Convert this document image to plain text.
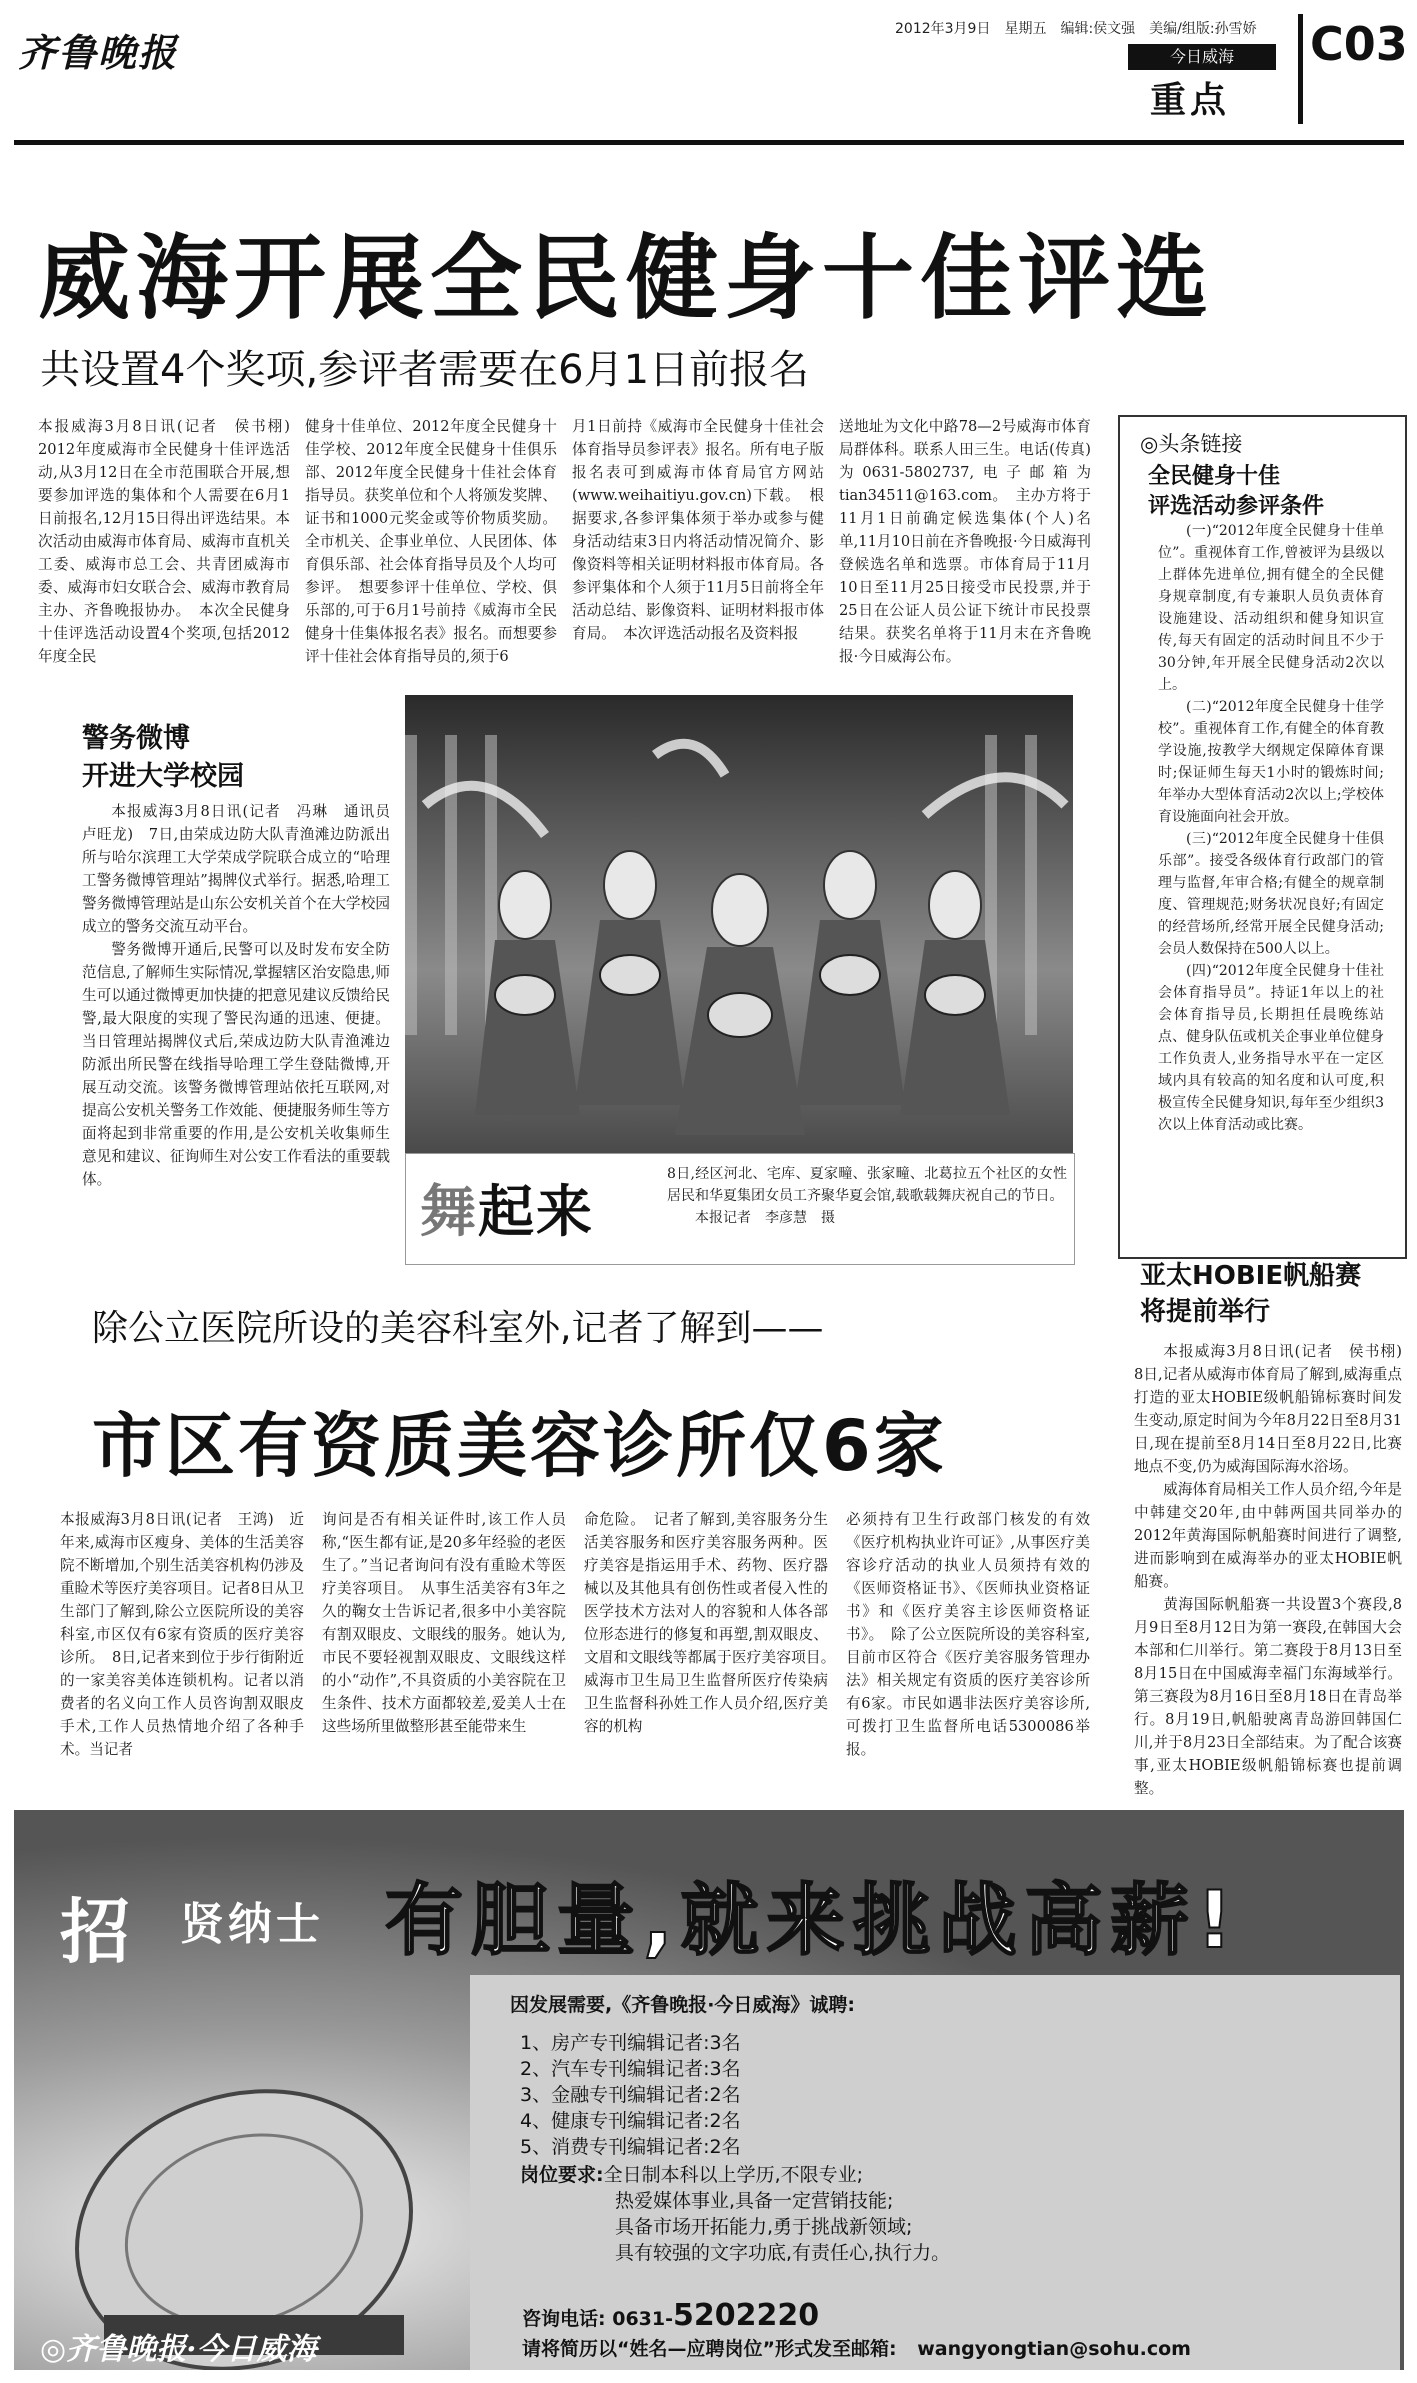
齐鲁晚报
2012年3月9日　星期五　编辑:侯文强　美编/组版:孙雪娇
今日威海
重点
C03
威海开展全民健身十佳评选
共设置4个奖项,参评者需要在6月1日前报名

本报威海3月8日讯(记者　侯书栩)　2012年度威海市全民健身十佳评选活动,从3月12日在全市范围联合开展,想要参加评选的集体和个人需要在6月1日前报名,12月15日得出评选结果。本次活动由威海市体育局、威海市直机关工委、威海市总工会、共青团威海市委、威海市妇女联合会、威海市教育局主办、齐鲁晚报协办。　本次全民健身十佳评选活动设置4个奖项,包括2012年度全民

健身十佳单位、2012年度全民健身十佳学校、2012年度全民健身十佳俱乐部、2012年度全民健身十佳社会体育指导员。获奖单位和个人将颁发奖牌、证书和1000元奖金或等价物质奖励。全市机关、企事业单位、人民团体、体育俱乐部、社会体育指导员及个人均可参评。　想要参评十佳单位、学校、俱乐部的,可于6月1号前持《威海市全民健身十佳集体报名表》报名。而想要参评十佳社会体育指导员的,须于6

月1日前持《威海市全民健身十佳社会体育指导员参评表》报名。所有电子版报名表可到威海市体育局官方网站(www.weihaitiyu.gov.cn)下载。　根据要求,各参评集体须于举办或参与健身活动结束3日内将活动情况简介、影像资料等相关证明材料报市体育局。各参评集体和个人须于11月5日前将全年活动总结、影像资料、证明材料报市体育局。　本次评选活动报名及资料报

送地址为文化中路78—2号威海市体育局群体科。联系人田三生。电话(传真)为0631-5802737,电子邮箱为tian34511@163.com。　主办方将于11月1日前确定候选集体(个人)名单,11月10日前在齐鲁晚报·今日威海刊登候选名单和选票。市体育局于11月10日至11月25日接受市民投票,并于25日在公证人员公证下统计市民投票结果。获奖名单将于11月末在齐鲁晚报·今日威海公布。

◎头条链接
全民健身十佳
评选活动参评条件

(一)“2012年度全民健身十佳单位”。重视体育工作,曾被评为县级以上群体先进单位,拥有健全的全民健身规章制度,有专兼职人员负责体育设施建设、活动组织和健身知识宣传,每天有固定的活动时间且不少于30分钟,年开展全民健身活动2次以上。

(二)“2012年度全民健身十佳学校”。重视体育工作,有健全的体育教学设施,按教学大纲规定保障体育课时;保证师生每天1小时的锻炼时间;年举办大型体育活动2次以上;学校体育设施面向社会开放。

(三)“2012年度全民健身十佳俱乐部”。接受各级体育行政部门的管理与监督,年审合格;有健全的规章制度、管理规范;财务状况良好;有固定的经营场所,经常开展全民健身活动;会员人数保持在500人以上。

(四)“2012年度全民健身十佳社会体育指导员”。持证1年以上的社会体育指导员,长期担任晨晚练站点、健身队伍或机关企事业单位健身工作负责人,业务指导水平在一定区域内具有较高的知名度和认可度,积极宣传全民健身知识,每年至少组织3次以上体育活动或比赛。

警务微博
开进大学校园

本报威海3月8日讯(记者　冯琳　通讯员　卢旺龙)　7日,由荣成边防大队青渔滩边防派出所与哈尔滨理工大学荣成学院联合成立的“哈理工警务微博管理站”揭牌仪式举行。据悉,哈理工警务微博管理站是山东公安机关首个在大学校园成立的警务交流互动平台。

警务微博开通后,民警可以及时发布安全防范信息,了解师生实际情况,掌握辖区治安隐患,师生可以通过微博更加快捷的把意见建议反馈给民警,最大限度的实现了警民沟通的迅速、便捷。当日管理站揭牌仪式后,荣成边防大队青渔滩边防派出所民警在线指导哈理工学生登陆微博,开展互动交流。该警务微博管理站依托互联网,对提高公安机关警务工作效能、便捷服务师生等方面将起到非常重要的作用,是公安机关收集师生意见和建议、征询师生对公安工作看法的重要载体。

舞起来

8日,经区河北、宅库、夏家疃、张家疃、北葛拉五个社区的女性居民和华夏集团女员工齐聚华夏会馆,载歌载舞庆祝自己的节日。

本报记者　李彦慧　摄

亚太HOBIE帆船赛
将提前举行

本报威海3月8日讯(记者　侯书栩)　8日,记者从威海市体育局了解到,威海重点打造的亚太HOBIE级帆船锦标赛时间发生变动,原定时间为今年8月22日至8月31日,现在提前至8月14日至8月22日,比赛地点不变,仍为威海国际海水浴场。

威海体育局相关工作人员介绍,今年是中韩建交20年,由中韩两国共同举办的2012年黄海国际帆船赛时间进行了调整,进而影响到在威海举办的亚太HOBIE帆船赛。

黄海国际帆船赛一共设置3个赛段,8月9日至8月12日为第一赛段,在韩国大会本部和仁川举行。第二赛段于8月13日至8月15日在中国威海幸福门东海域举行。第三赛段为8月16日至8月18日在青岛举行。8月19日,帆船驶离青岛游回韩国仁川,并于8月23日全部结束。为了配合该赛事,亚太HOBIE级帆船锦标赛也提前调整。

除公立医院所设的美容科室外,记者了解到——
市区有资质美容诊所仅6家

本报威海3月8日讯(记者　王鸿)　近年来,威海市区瘦身、美体的生活美容院不断增加,个别生活美容机构仍涉及重睑术等医疗美容项目。记者8日从卫生部门了解到,除公立医院所设的美容科室,市区仅有6家有资质的医疗美容诊所。　8日,记者来到位于步行街附近的一家美容美体连锁机构。记者以消费者的名义向工作人员咨询割双眼皮手术,工作人员热情地介绍了各种手术。当记者

询问是否有相关证件时,该工作人员称,“医生都有证,是20多年经验的老医生了。”当记者询问有没有重睑术等医疗美容项目。　从事生活美容有3年之久的鞠女士告诉记者,很多中小美容院有割双眼皮、文眼线的服务。她认为,市民不要轻视割双眼皮、文眼线这样的小“动作”,不具资质的小美容院在卫生条件、技术方面都较差,爱美人士在这些场所里做整形甚至能带来生

命危险。　记者了解到,美容服务分生活美容服务和医疗美容服务两种。医疗美容是指运用手术、药物、医疗器械以及其他具有创伤性或者侵入性的医学技术方法对人的容貌和人体各部位形态进行的修复和再塑,割双眼皮、文眉和文眼线等都属于医疗美容项目。　威海市卫生局卫生监督所医疗传染病卫生监督科孙姓工作人员介绍,医疗美容的机构

必须持有卫生行政部门核发的有效《医疗机构执业许可证》,从事医疗美容诊疗活动的执业人员须持有效的《医师资格证书》、《医师执业资格证书》和《医疗美容主诊医师资格证书》。　除了公立医院所设的美容科室,目前市区符合《医疗美容服务管理办法》相关规定有资质的医疗美容诊所有6家。市民如遇非法医疗美容诊所,可拨打卫生监督所电话5300086举报。

招 贤纳士 有胆量,就来挑战高薪!
因发展需要,《齐鲁晚报·今日威海》诚聘:
1、房产专刊编辑记者:3名
2、汽车专刊编辑记者:3名
3、金融专刊编辑记者:2名
4、健康专刊编辑记者:2名
5、消费专刊编辑记者:2名
岗位要求:全日制本科以上学历,不限专业;
热爱媒体事业,具备一定营销技能;
具备市场开拓能力,勇于挑战新领域;
具有较强的文字功底,有责任心,执行力。
咨询电话: 0631-5202220
请将简历以“姓名—应聘岗位”形式发至邮箱: wangyongtian@sohu.com
◎齐鲁晚报·今日威海
